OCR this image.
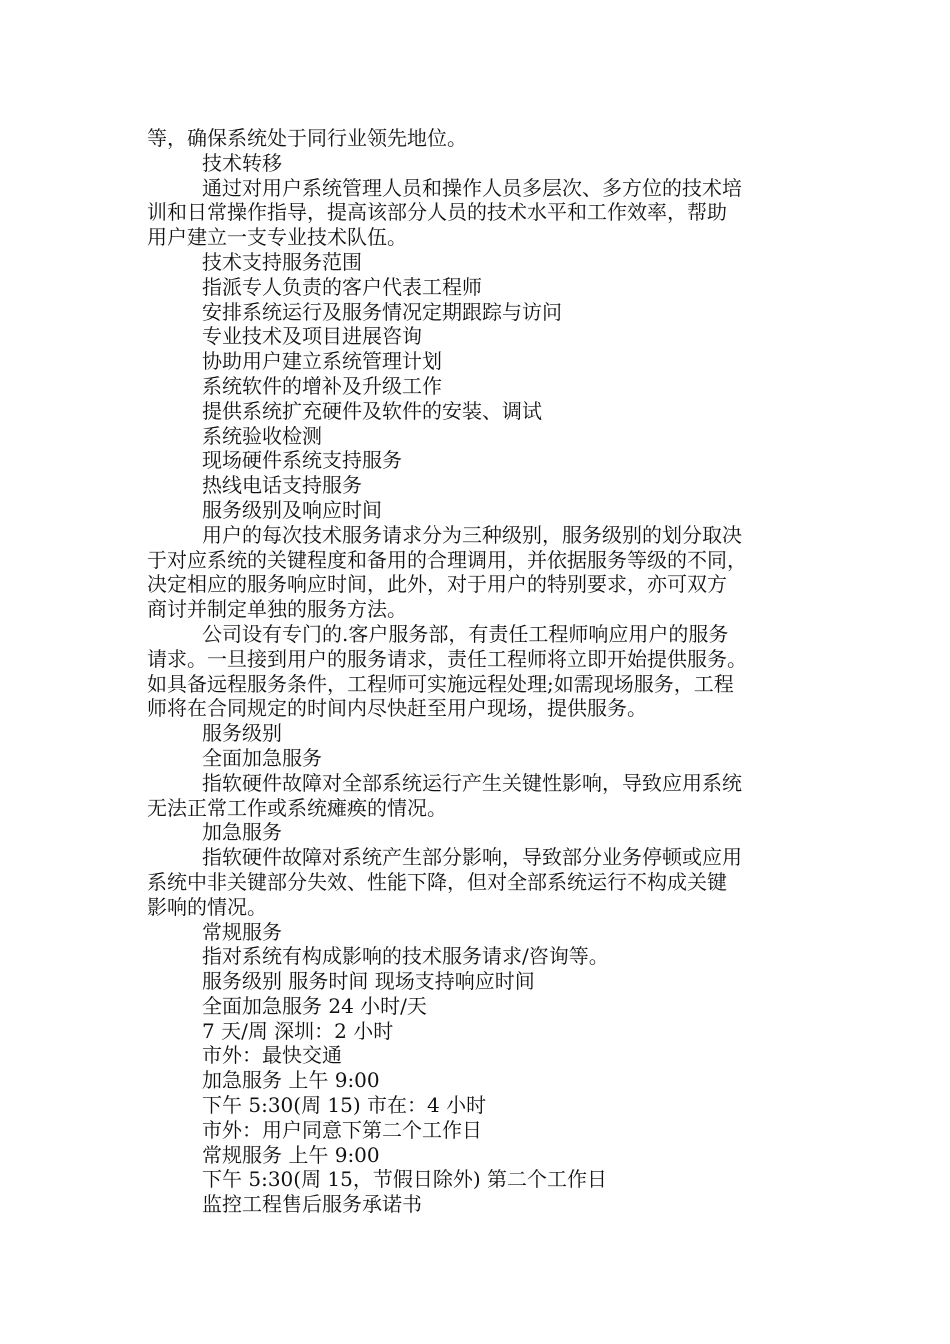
等，确保系统处于同行业领先地位。
技术转移
通过对用户系统管理人员和操作人员多层次、多方位的技术培
训和日常操作指导，提高该部分人员的技术水平和工作效率，帮助
用户建立一支专业技术队伍。
技术支持服务范围
指派专人负责的客户代表工程师
安排系统运行及服务情况定期跟踪与访问
专业技术及项目进展咨询
协助用户建立系统管理计划
系统软件的增补及升级工作
提供系统扩充硬件及软件的安装、调试
系统验收检测
现场硬件系统支持服务
热线电话支持服务
服务级别及响应时间
用户的每次技术服务请求分为三种级别，服务级别的划分取决
于对应系统的关键程度和备用的合理调用，并依据服务等级的不同，
决定相应的服务响应时间，此外，对于用户的特别要求，亦可双方
商讨并制定单独的服务方法。
公司设有专门的.客户服务部，有责任工程师响应用户的服务
请求。一旦接到用户的服务请求，责任工程师将立即开始提供服务。
如具备远程服务条件，工程师可实施远程处理;如需现场服务，工程
师将在合同规定的时间内尽快赶至用户现场，提供服务。
服务级别
全面加急服务
指软硬件故障对全部系统运行产生关键性影响，导致应用系统
无法正常工作或系统瘫痪的情况。
加急服务
指软硬件故障对系统产生部分影响，导致部分业务停顿或应用
系统中非关键部分失效、性能下降，但对全部系统运行不构成关键
影响的情况。
常规服务
指对系统有构成影响的技术服务请求/咨询等。
服务级别 服务时间 现场支持响应时间
全面加急服务 24 小时/天
7 天/周 深圳：2 小时
市外：最快交通
加急服务 上午 9:00
下午 5:30(周 15) 市在：4 小时
市外：用户同意下第二个工作日
常规服务 上午 9:00
下午 5:30(周 15，节假日除外) 第二个工作日
监控工程售后服务承诺书
